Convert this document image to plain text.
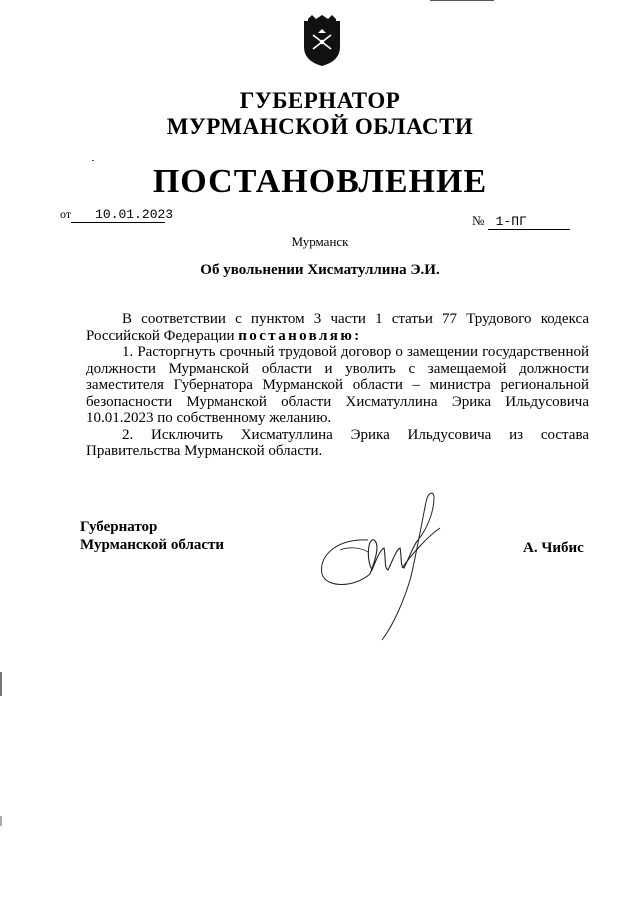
ГУБЕРНАТОР
МУРМАНСКОЙ ОБЛАСТИ
ПОСТАНОВЛЕНИЕ
от 10.01.2023	№ 1-ПГ
Мурманск
Об увольнении Хисматуллина Э.И.

В соответствии с пунктом 3 части 1 статьи 77 Трудового кодекса Российской Федерации постановляю:

1. Расторгнуть срочный трудовой договор о замещении государственной должности Мурманской области и уволить с замещаемой должности заместителя Губернатора Мурманской области – министра региональной безопасности Мурманской области Хисматуллина Эрика Ильдусовича 10.01.2023 по собственному желанию.

2. Исключить Хисматуллина Эрика Ильдусовича из состава Правительства Мурманской области.

Губернатор
Мурманской области	А. Чибис
